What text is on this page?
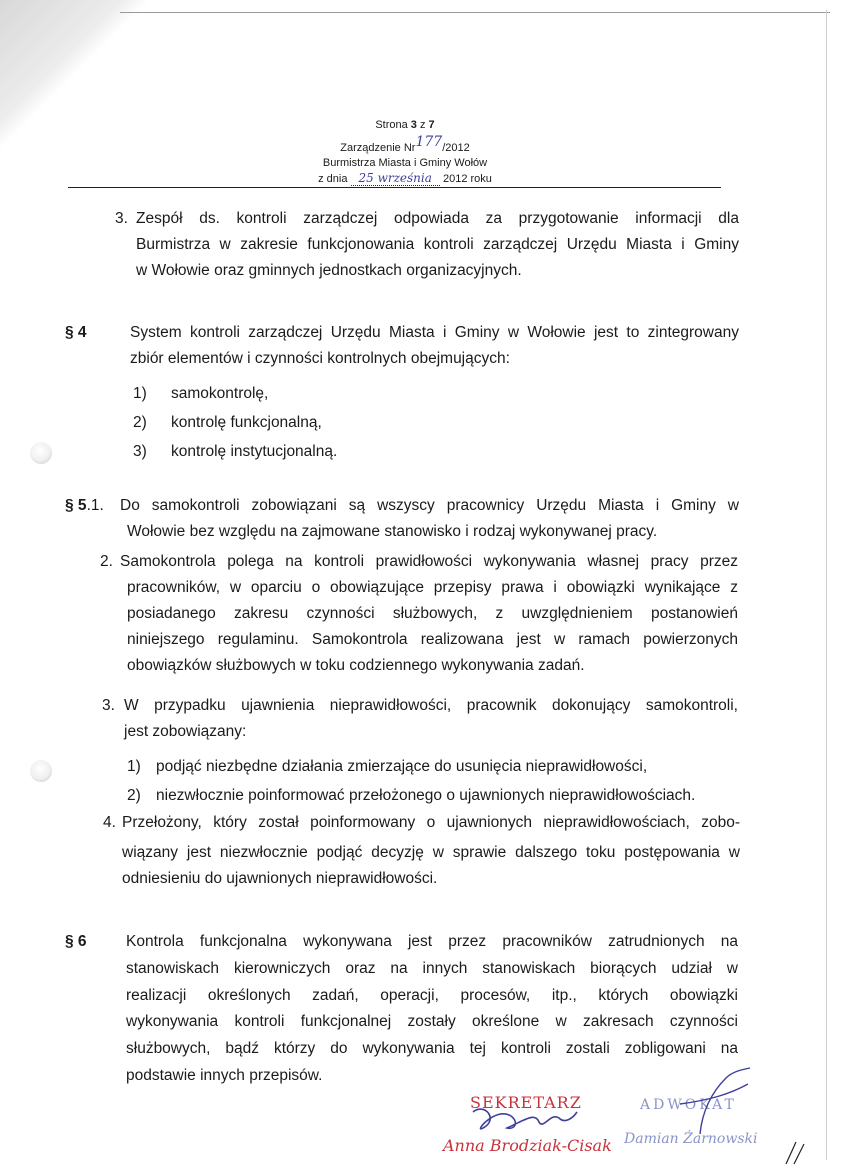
Strona 3 z 7
Zarządzenie Nr177/2012
Burmistrza Miasta i Gminy Wołów
z dnia 25 września 2012 roku
3. Zespół ds. kontroli zarządczej odpowiada za przygotowanie informacji dla
Burmistrza w zakresie funkcjonowania kontroli zarządczej Urzędu Miasta i Gminy
w Wołowie oraz gminnych jednostkach organizacyjnych.
§ 4	System kontroli zarządczej Urzędu Miasta i Gminy w Wołowie jest to zintegrowany
zbiór elementów i czynności kontrolnych obejmujących:
1) samokontrolę,
2) kontrolę funkcjonalną,
3) kontrolę instytucjonalną.
§ 5.1. Do samokontroli zobowiązani są wszyscy pracownicy Urzędu Miasta i Gminy w
Wołowie bez względu na zajmowane stanowisko i rodzaj wykonywanej pracy.
2. Samokontrola polega na kontroli prawidłowości wykonywania własnej pracy przez
pracowników, w oparciu o obowiązujące przepisy prawa i obowiązki wynikające z
posiadanego zakresu czynności służbowych, z uwzględnieniem postanowień
niniejszego regulaminu. Samokontrola realizowana jest w ramach powierzonych
obowiązków służbowych w toku codziennego wykonywania zadań.
3. W przypadku ujawnienia nieprawidłowości, pracownik dokonujący samokontroli,
jest zobowiązany:
1) podjąć niezbędne działania zmierzające do usunięcia nieprawidłowości,
2) niezwłocznie poinformować przełożonego o ujawnionych nieprawidłowościach.
4. Przełożony, który został poinformowany o ujawnionych nieprawidłowościach, zobo-
wiązany jest niezwłocznie podjąć decyzję w sprawie dalszego toku postępowania w
odniesieniu do ujawnionych nieprawidłowości.
§ 6	Kontrola funkcjonalna wykonywana jest przez pracowników zatrudnionych na
stanowiskach kierowniczych oraz na innych stanowiskach biorących udział w
realizacji określonych zadań, operacji, procesów, itp., których obowiązki
wykonywania kontroli funkcjonalnej zostały określone w zakresach czynności
służbowych, bądź którzy do wykonywania tej kontroli zostali zobligowani na
podstawie innych przepisów.
SEKRETARZ
Anna Brodziak-Cisak
ADWOKAT
Damian Żarnowski
